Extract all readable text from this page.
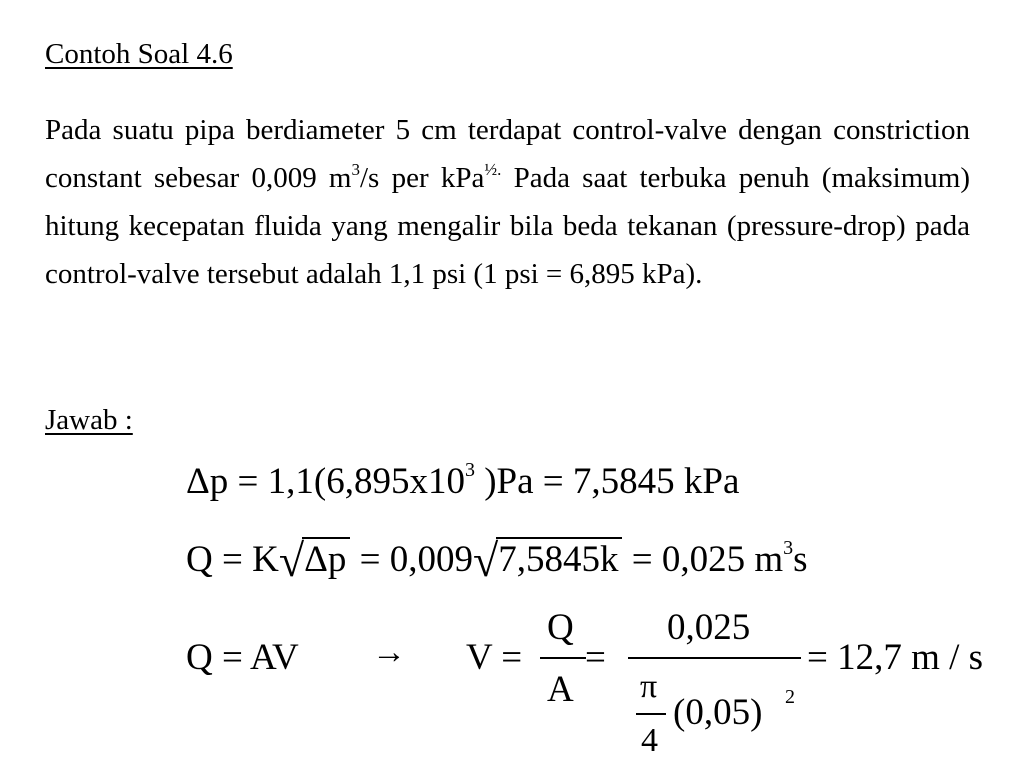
Contoh Soal 4.6
Pada suatu pipa berdiameter 5 cm terdapat control-valve dengan constriction constant sebesar 0,009 $m^3/s$ per kPa$^{\frac{1}{2}.}$ Pada saat terbuka penuh (maksimum) hitung kecepatan fluida yang mengalir bila beda tekanan (pressure-drop) pada control-valve tersebut adalah 1,1 psi (1 psi = 6,895 kPa).
Jawab :
$\Delta p = 1,1(6,895x10^3$ )Pa = 7,5845 kPa
Q = K√Δp = 0,009√7,5845k = 0,025 $m^3s$
Q = AV → V =
Q
A
=
0,025
π
4
(0,05) 2
= 12,7 m / s
